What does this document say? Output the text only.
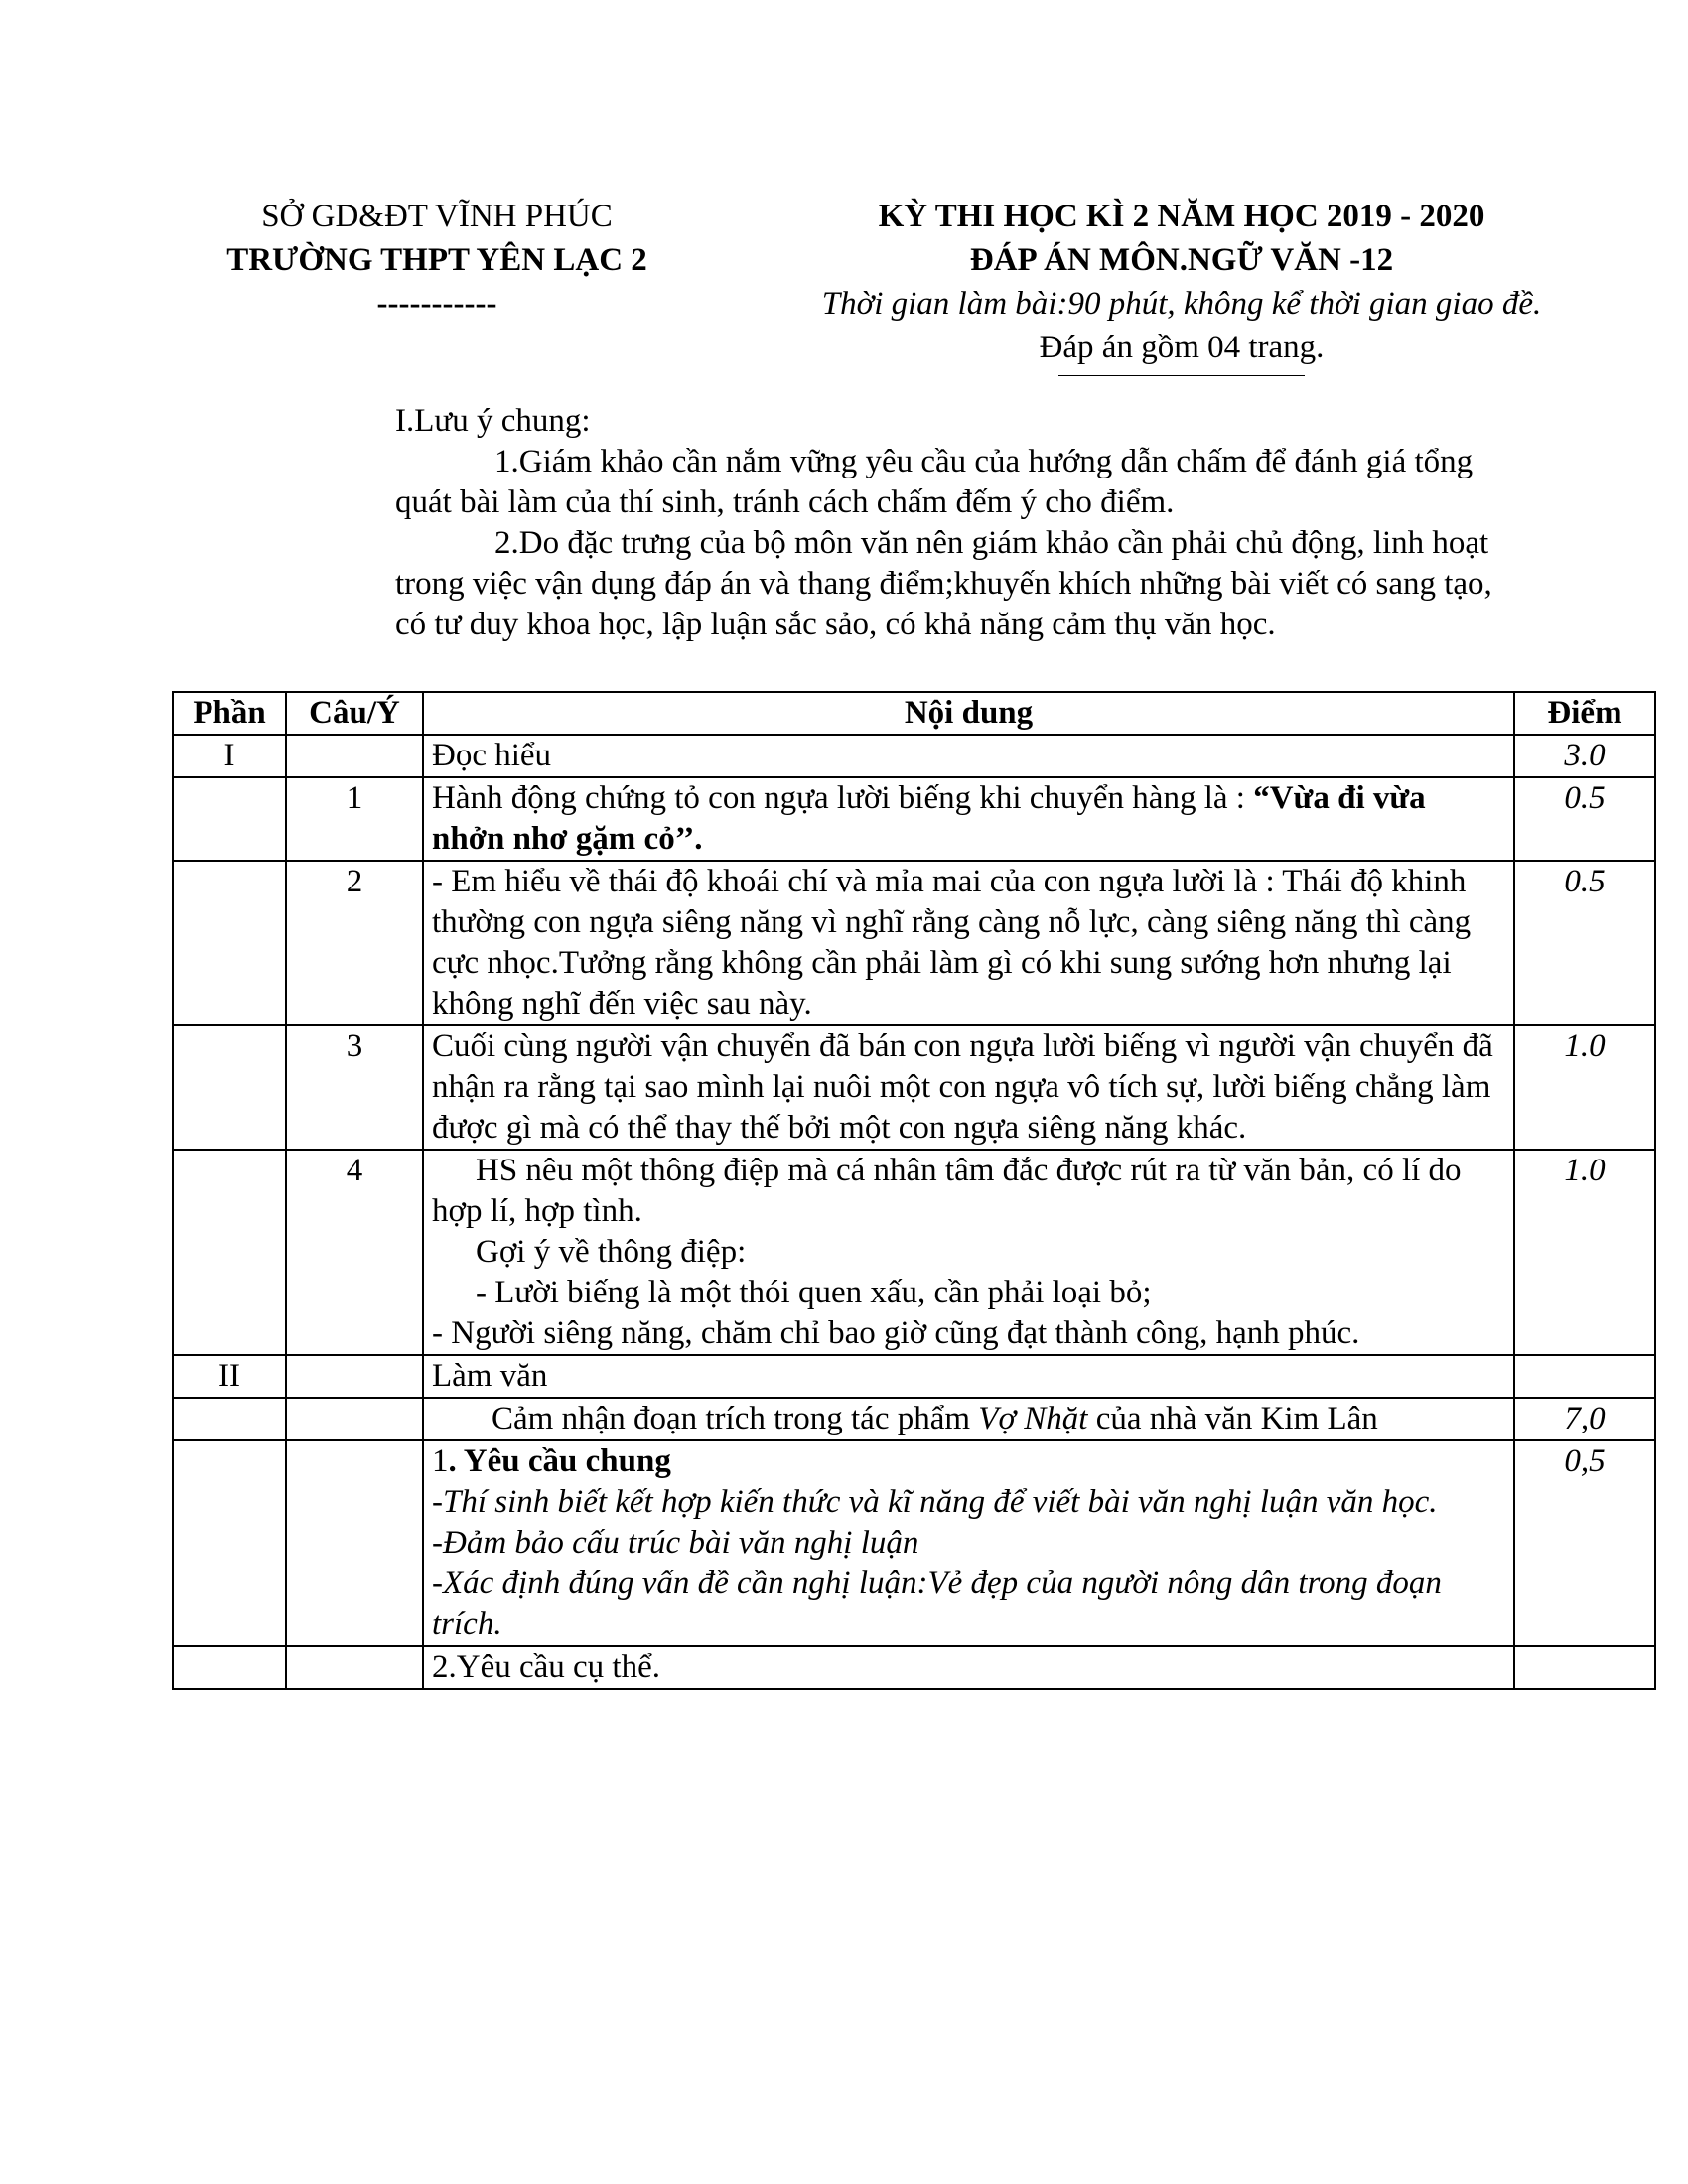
SỞ GD&ĐT VĨNH PHÚC
TRƯỜNG THPT YÊN LẠC 2
-----------
KỲ THI HỌC KÌ 2 NĂM HỌC 2019 - 2020
ĐÁP ÁN MÔN.NGỮ VĂN -12
Thời gian làm bài:90 phút, không kể thời gian giao đề.
Đáp án gồm 04 trang.

I.Lưu ý chung:

1.Giám khảo cần nắm vững yêu cầu của hướng dẫn chấm để đánh giá tổng quát bài làm của thí sinh, tránh cách chấm đếm ý cho điểm.

2.Do đặc trưng của bộ môn văn nên giám khảo cần phải chủ động, linh hoạt trong việc vận dụng đáp án và thang điểm;khuyến khích những bài viết có sang tạo, có tư duy khoa học, lập luận sắc sảo, có khả năng cảm thụ văn học.

Phần	Câu/Ý	Nội dung	Điểm
I		Đọc hiểu	3.0
	1	Hành động chứng tỏ con ngựa lười biếng khi chuyển hàng là : “Vừa đi vừa nhởn nhơ gặm cỏ’’.	0.5
	2	- Em hiểu về thái độ khoái chí và mỉa mai của con ngựa lười là : Thái độ khinh thường con ngựa siêng năng vì nghĩ rằng càng nỗ lực, càng siêng năng thì càng cực nhọc.Tưởng rằng không cần phải làm gì có khi sung sướng hơn nhưng lại không nghĩ đến việc sau này.	0.5
	3	Cuối cùng người vận chuyển đã bán con ngựa lười biếng vì người vận chuyển đã nhận ra rằng tại sao mình lại nuôi một con ngựa vô tích sự, lười biếng chẳng làm được gì mà có thể thay thế bởi một con ngựa siêng năng khác.	1.0
	4	HS nêu một thông điệp mà cá nhân tâm đắc được rút ra từ văn bản, có lí do hợp lí, hợp tình.

Gợi ý về thông điệp:

- Lười biếng là một thói quen xấu, cần phải loại bỏ;

- Người siêng năng, chăm chỉ bao giờ cũng đạt thành công, hạnh phúc.	1.0
II		Làm văn	
		Cảm nhận đoạn trích trong tác phẩm Vợ Nhặt của nhà văn Kim Lân	7,0

		1. Yêu cầu chung

-Thí sinh biết kết hợp kiến thức và kĩ năng để viết bài văn nghị luận văn học.

-Đảm bảo cấu trúc bài văn nghị luận

-Xác định đúng vấn đề cần nghị luận:Vẻ đẹp của người nông dân trong đoạn trích.	0,5
		2.Yêu cầu cụ thể.	
